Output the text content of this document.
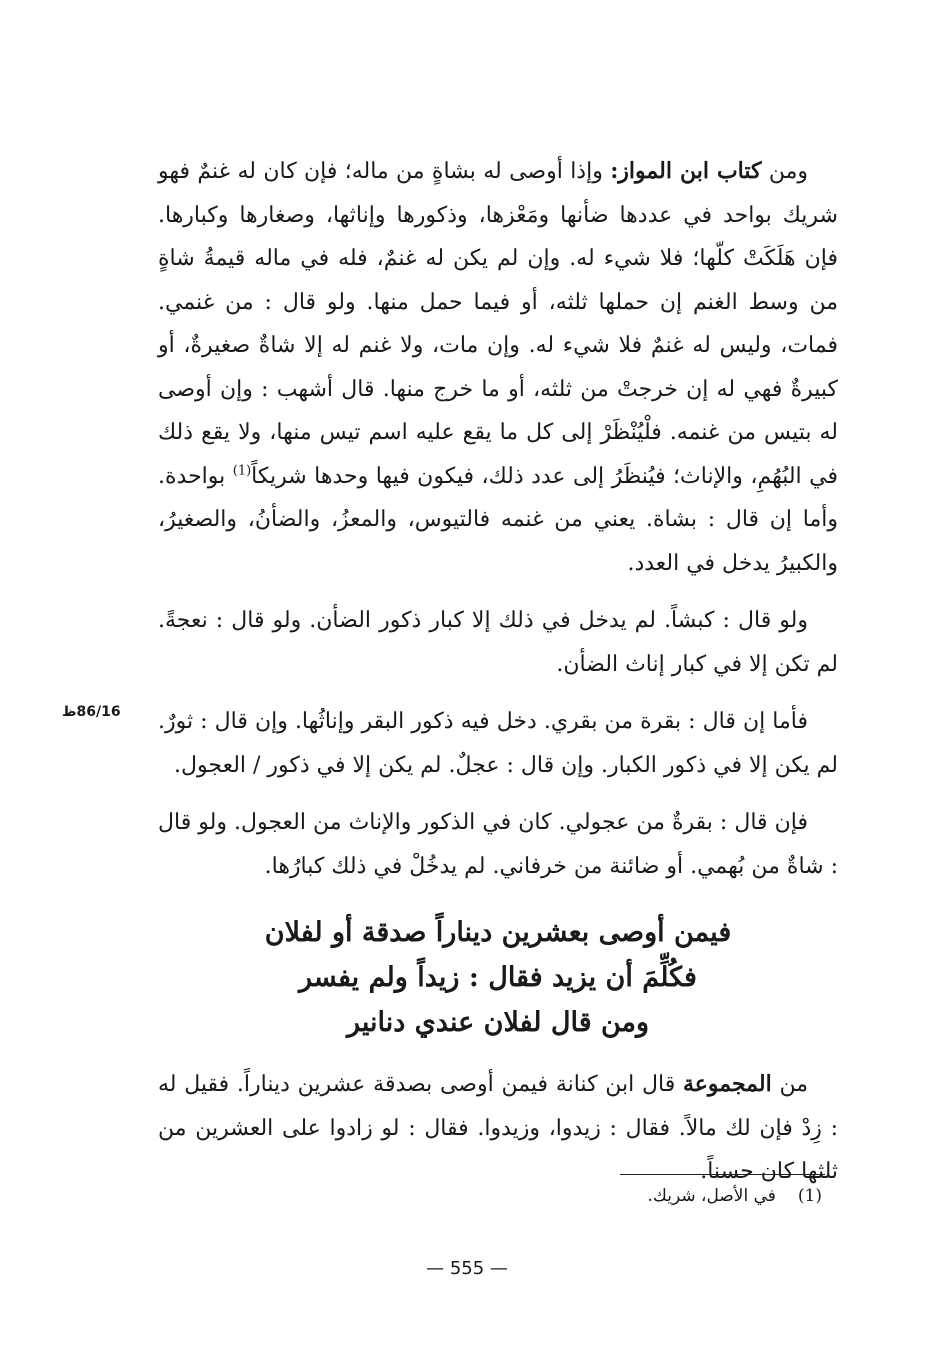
ومن كتاب ابن المواز: وإذا أوصى له بشاةٍ من ماله؛ فإن كان له غنمٌ فهو شريك بواحد في عددها ضأنها ومَعْزها، وذكورها وإناثها، وصغارها وكبارها. فإن هَلَكَتْ كلّها؛ فلا شيء له. وإن لم يكن له غنمٌ، فله في ماله قيمةُ شاةٍ من وسط الغنم إن حملها ثلثه، أو فيما حمل منها. ولو قال : من غنمي. فمات، وليس له غنمٌ فلا شيء له. وإن مات، ولا غنم له إلا شاةٌ صغيرةٌ، أو كبيرةٌ فهي له إن خرجتْ من ثلثه، أو ما خرج منها. قال أشهب : وإن أوصى له بتيس من غنمه. فلْيُنْظَرْ إلى كل ما يقع عليه اسم تيس منها، ولا يقع ذلك في البُهُمِ، والإناث؛ فيُنظَرُ إلى عدد ذلك، فيكون فيها وحدها شريكاً$^{(1)}$ بواحدة. وأما إن قال : بشاة. يعني من غنمه فالتيوس، والمعزُ، والضأنُ، والصغيرُ، والكبيرُ يدخل في العدد.

ولو قال : كبشاً. لم يدخل في ذلك إلا كبار ذكور الضأن. ولو قال : نعجةً. لم تكن إلا في كبار إناث الضأن.

فأما إن قال : بقرة من بقري. دخل فيه ذكور البقر وإناثُها. وإن قال : ثورٌ. لم يكن إلا في ذكور الكبار. وإن قال : عجلٌ. لم يكن إلا في ذكور / العجول.

فإن قال : بقرةٌ من عجولي. كان في الذكور والإناث من العجول. ولو قال : شاةٌ من بُهمي. أو ضائنة من خرفاني. لم يدخُلْ في ذلك كبارُها.

فيمن أوصى بعشرين ديناراً صدقة أو لفلان
فكُلِّمَ أن يزيد فقال : زيداً ولم يفسر
ومن قال لفلان عندي دنانير

من المجموعة قال ابن كنانة فيمن أوصى بصدقة عشرين ديناراً. فقيل له : زِدْ فإن لك مالاً. فقال : زيدوا، وزيدوا. فقال : لو زادوا على العشرين من ثلثها كان حسناً.

86/16ظ
(1)في الأصل، شريك.
— 555 —
